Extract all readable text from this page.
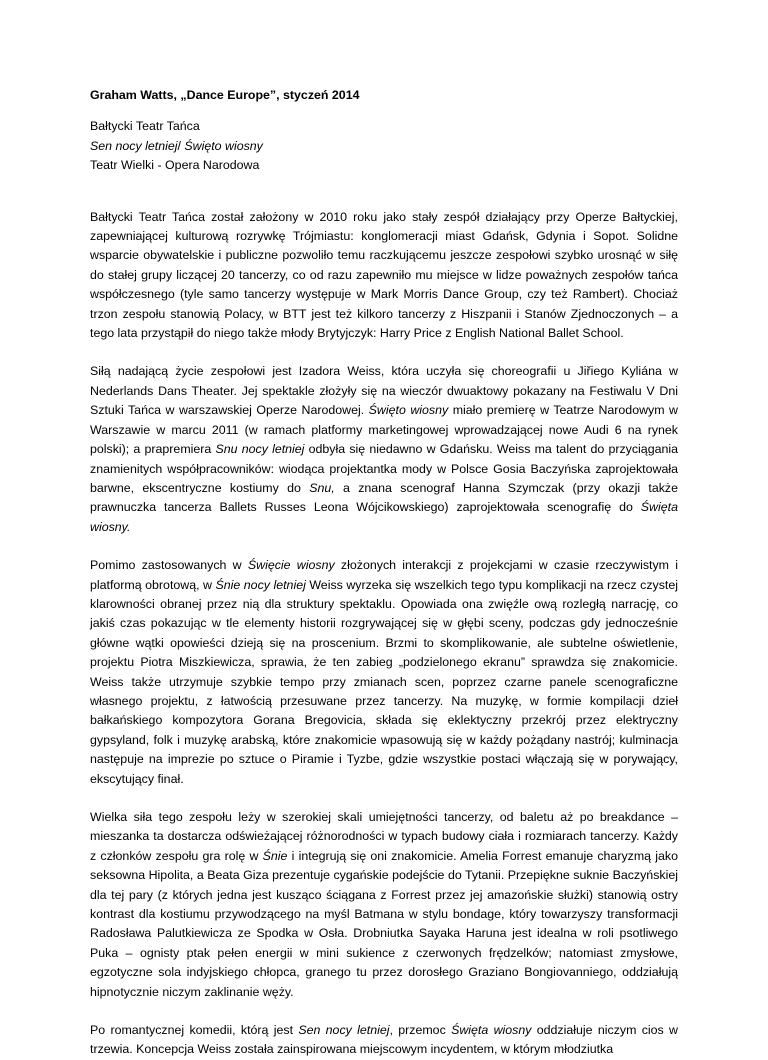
Graham Watts, „Dance Europe”, styczeń 2014
Bałtycki Teatr Tańca
Sen nocy letniej/ Święto wiosny
Teatr Wielki - Opera Narodowa

Bałtycki Teatr Tańca został założony w 2010 roku jako stały zespół działający przy Operze Bałtyckiej, zapewniającej kulturową rozrywkę Trójmiastu: konglomeracji miast Gdańsk, Gdynia i Sopot. Solidne wsparcie obywatelskie i publiczne pozwoliło temu raczkującemu jeszcze zespołowi szybko urosnąć w siłę do stałej grupy liczącej 20 tancerzy, co od razu zapewniło mu miejsce w lidze poważnych zespołów tańca współczesnego (tyle samo tancerzy występuje w Mark Morris Dance Group, czy też Rambert). Chociaż trzon zespołu stanowią Polacy, w BTT jest też kilkoro tancerzy z Hiszpanii i Stanów Zjednoczonych – a tego lata przystąpił do niego także młody Brytyjczyk: Harry Price z English National Ballet School.

Siłą nadającą życie zespołowi jest Izadora Weiss, która uczyła się choreografii u Jiřiego Kyliána w Nederlands Dans Theater. Jej spektakle złożyły się na wieczór dwuaktowy pokazany na Festiwalu V Dni Sztuki Tańca w warszawskiej Operze Narodowej. Święto wiosny miało premierę w Teatrze Narodowym w Warszawie w marcu 2011 (w ramach platformy marketingowej wprowadzającej nowe Audi 6 na rynek polski); a prapremiera Snu nocy letniej odbyła się niedawno w Gdańsku. Weiss ma talent do przyciągania znamienitych współpracowników: wiodąca projektantka mody w Polsce Gosia Baczyńska zaprojektowała barwne, ekscentryczne kostiumy do Snu, a znana scenograf Hanna Szymczak (przy okazji także prawnuczka tancerza Ballets Russes Leona Wójcikowskiego) zaprojektowała scenografię do Święta wiosny.

Pomimo zastosowanych w Święcie wiosny złożonych interakcji z projekcjami w czasie rzeczywistym i platformą obrotową, w Śnie nocy letniej Weiss wyrzeka się wszelkich tego typu komplikacji na rzecz czystej klarowności obranej przez nią dla struktury spektaklu. Opowiada ona zwięźle ową rozległą narrację, co jakiś czas pokazując w tle elementy historii rozgrywającej się w głębi sceny, podczas gdy jednocześnie główne wątki opowieści dzieją się na proscenium. Brzmi to skomplikowanie, ale subtelne oświetlenie, projektu Piotra Miszkiewicza, sprawia, że ten zabieg „podzielonego ekranu” sprawdza się znakomicie. Weiss także utrzymuje szybkie tempo przy zmianach scen, poprzez czarne panele scenograficzne własnego projektu, z łatwością przesuwane przez tancerzy. Na muzykę, w formie kompilacji dzieł bałkańskiego kompozytora Gorana Bregovicia, składa się eklektyczny przekrój przez elektryczny gypsyland, folk i muzykę arabską, które znakomicie wpasowują się w każdy pożądany nastrój; kulminacja następuje na imprezie po sztuce o Piramie i Tyzbe, gdzie wszystkie postaci włączają się w porywający, ekscytujący finał.

Wielka siła tego zespołu leży w szerokiej skali umiejętności tancerzy, od baletu aż po breakdance – mieszanka ta dostarcza odświeżającej różnorodności w typach budowy ciała i rozmiarach tancerzy. Każdy z członków zespołu gra rolę w Śnie i integrują się oni znakomicie. Amelia Forrest emanuje charyzmą jako seksowna Hipolita, a Beata Giza prezentuje cygańskie podejście do Tytanii. Przepiękne suknie Baczyńskiej dla tej pary (z których jedna jest kusząco ściągana z Forrest przez jej amazońskie służki) stanowią ostry kontrast dla kostiumu przywodzącego na myśl Batmana w stylu bondage, który towarzyszy transformacji Radosława Palutkiewicza ze Spodka w Osła. Drobniutka Sayaka Haruna jest idealna w roli psotliwego Puka – ognisty ptak pełen energii w mini sukience z czerwonych frędzelków; natomiast zmysłowe, egzotyczne sola indyjskiego chłopca, granego tu przez dorosłego Graziano Bongiovanniego, oddziałują hipnotycznie niczym zaklinanie węży.

Po romantycznej komedii, którą jest Sen nocy letniej, przemoc Święta wiosny oddziałuje niczym cios w trzewia. Koncepcja Weiss została zainspirowana miejscowym incydentem, w którym młodziutka
